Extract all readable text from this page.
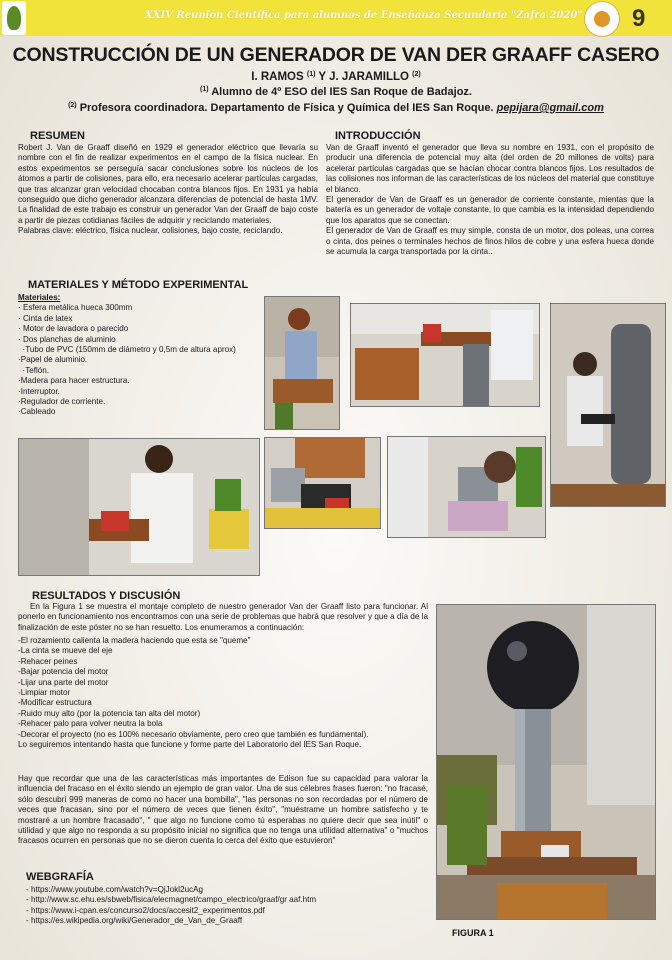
XXIV Reunión Científica para alumnos de Enseñanza Secundaria "Zafra 2020" 9
CONSTRUCCIÓN DE UN GENERADOR DE VAN DER GRAAFF CASERO
I. RAMOS $^{(1)}$ Y J. JARAMILLO $^{(2)}$
$^{(1)}$ Alumno de 4º ESO del IES San Roque de Badajoz.
$^{(2)}$ Profesora coordinadora. Departamento de Física y Química del IES San Roque. pepijara@gmail.com
RESUMEN

Robert J. Van de Graaff diseñó en 1929 el generador eléctrico que llevaría su nombre con el fin de realizar experimentos en el campo de la física nuclear. En estos experimentos se perseguía sacar conclusiones sobre los núcleos de los átomos a partir de colisiones, para ello, era necesario acelerar partículas cargadas, que tras alcanzar gran velocidad chocaban contra blancos fijos. En 1931 ya había conseguido que dicho generador alcanzara diferencias de potencial de hasta 1MV. La finalidad de este trabajo es construir un generador Van der Graaff de bajo coste a partir de piezas cotidianas fáciles de adquirir y reciclando materiales.

Palabras clave: eléctrico, física nuclear, colisiones, bajo coste, reciclando.

INTRODUCCIÓN

Van de Graaff inventó el generador que lleva su nombre en 1931, con el propósito de producir una diferencia de potencial muy alta (del orden de 20 millones de volts) para acelerar partículas cargadas que se hacían chocar contra blancos fijos. Los resultados de las colisiones nos informan de las características de los núcleos del material que constituye el blanco.

El generador de Van de Graaff es un generador de corriente constante, mientas que la batería es un generador de voltaje constante, lo que cambia es la intensidad dependiendo que los aparatos que se conectan.

El generador de Van de Graaff es muy simple, consta de un motor, dos poleas, una correa o cinta, dos peines o terminales hechos de finos hilos de cobre y una esfera hueca donde se acumula la carga transportada por la cinta..

MATERIALES Y MÉTODO EXPERIMENTAL
Materiales:
· Esfera metálica hueca 300mm
· Cinta de latex
· Motor de lavadora o parecido
· Dos planchas de aluminio
·Tubo de PVC (150mm de diámetro y 0,5m de altura aprox)
·Papel de aluminio.
·Teflón.
·Madera para hacer estructura.
·Interruptor.
·Regulador de corriente.
·Cableado
RESULTADOS Y DISCUSIÓN
En la Figura 1 se muestra el montaje completo de nuestro generador Van der Graaff listo para funcionar. Al ponerlo en funcionamiento nos encontramos con una serie de problemas que habrá que resolver y que a día de la finalización de este póster no se han resuelto. Los enumeramos a continuación:
-El rozamiento calienta la madera haciendo que esta se "queme"
-La cinta se mueve del eje
-Rehacer peines
-Bajar potencia del motor
-Lijar una parte del motor
-Limpiar motor
-Modificar estructura
-Ruido muy alto (por la potencia tan alta del motor)
-Rehacer palo para volver neutra la bola
-Decorar el proyecto (no es 100% necesario obviamente, pero creo que también es fundamental).
Lo seguiremos intentando hasta que funcione y forme parte del Laboratorio del IES San Roque.
Hay que recordar que una de las características más importantes de Edison fue su capacidad para valorar la influencia del fracaso en el éxito siendo un ejemplo de gran valor. Una de sus célebres frases fueron: "no fracasé, sólo descubrí 999 maneras de como no hacer una bombilla", "las personas no son recordadas por el número de veces que fracasan, sino por el número de veces que tienen éxito", "muéstrame un hombre satisfecho y te mostraré a un hombre fracasado", " que algo no funcione como tú esperabas no quiere decir que sea inútil" o utilidad y que algo no responda a su propósito inicial no significa que no tenga una utilidad alternativa" o "muchos fracasos ocurren en personas que no se dieron cuenta lo cerca del éxito que estuvieron"
WEBGRAFÍA
- https://www.youtube.com/watch?v=QjJokl2ucAg
- http://www.sc.ehu.es/sbweb/fisica/elecmagnet/campo_electrico/graaf/gr aaf.htm
- https://www.i-cpan.es/concurso2/docs/accesit2_experimentos.pdf
- https://es.wikipedia.org/wiki/Generador_de_Van_de_Graaff
FIGURA 1
